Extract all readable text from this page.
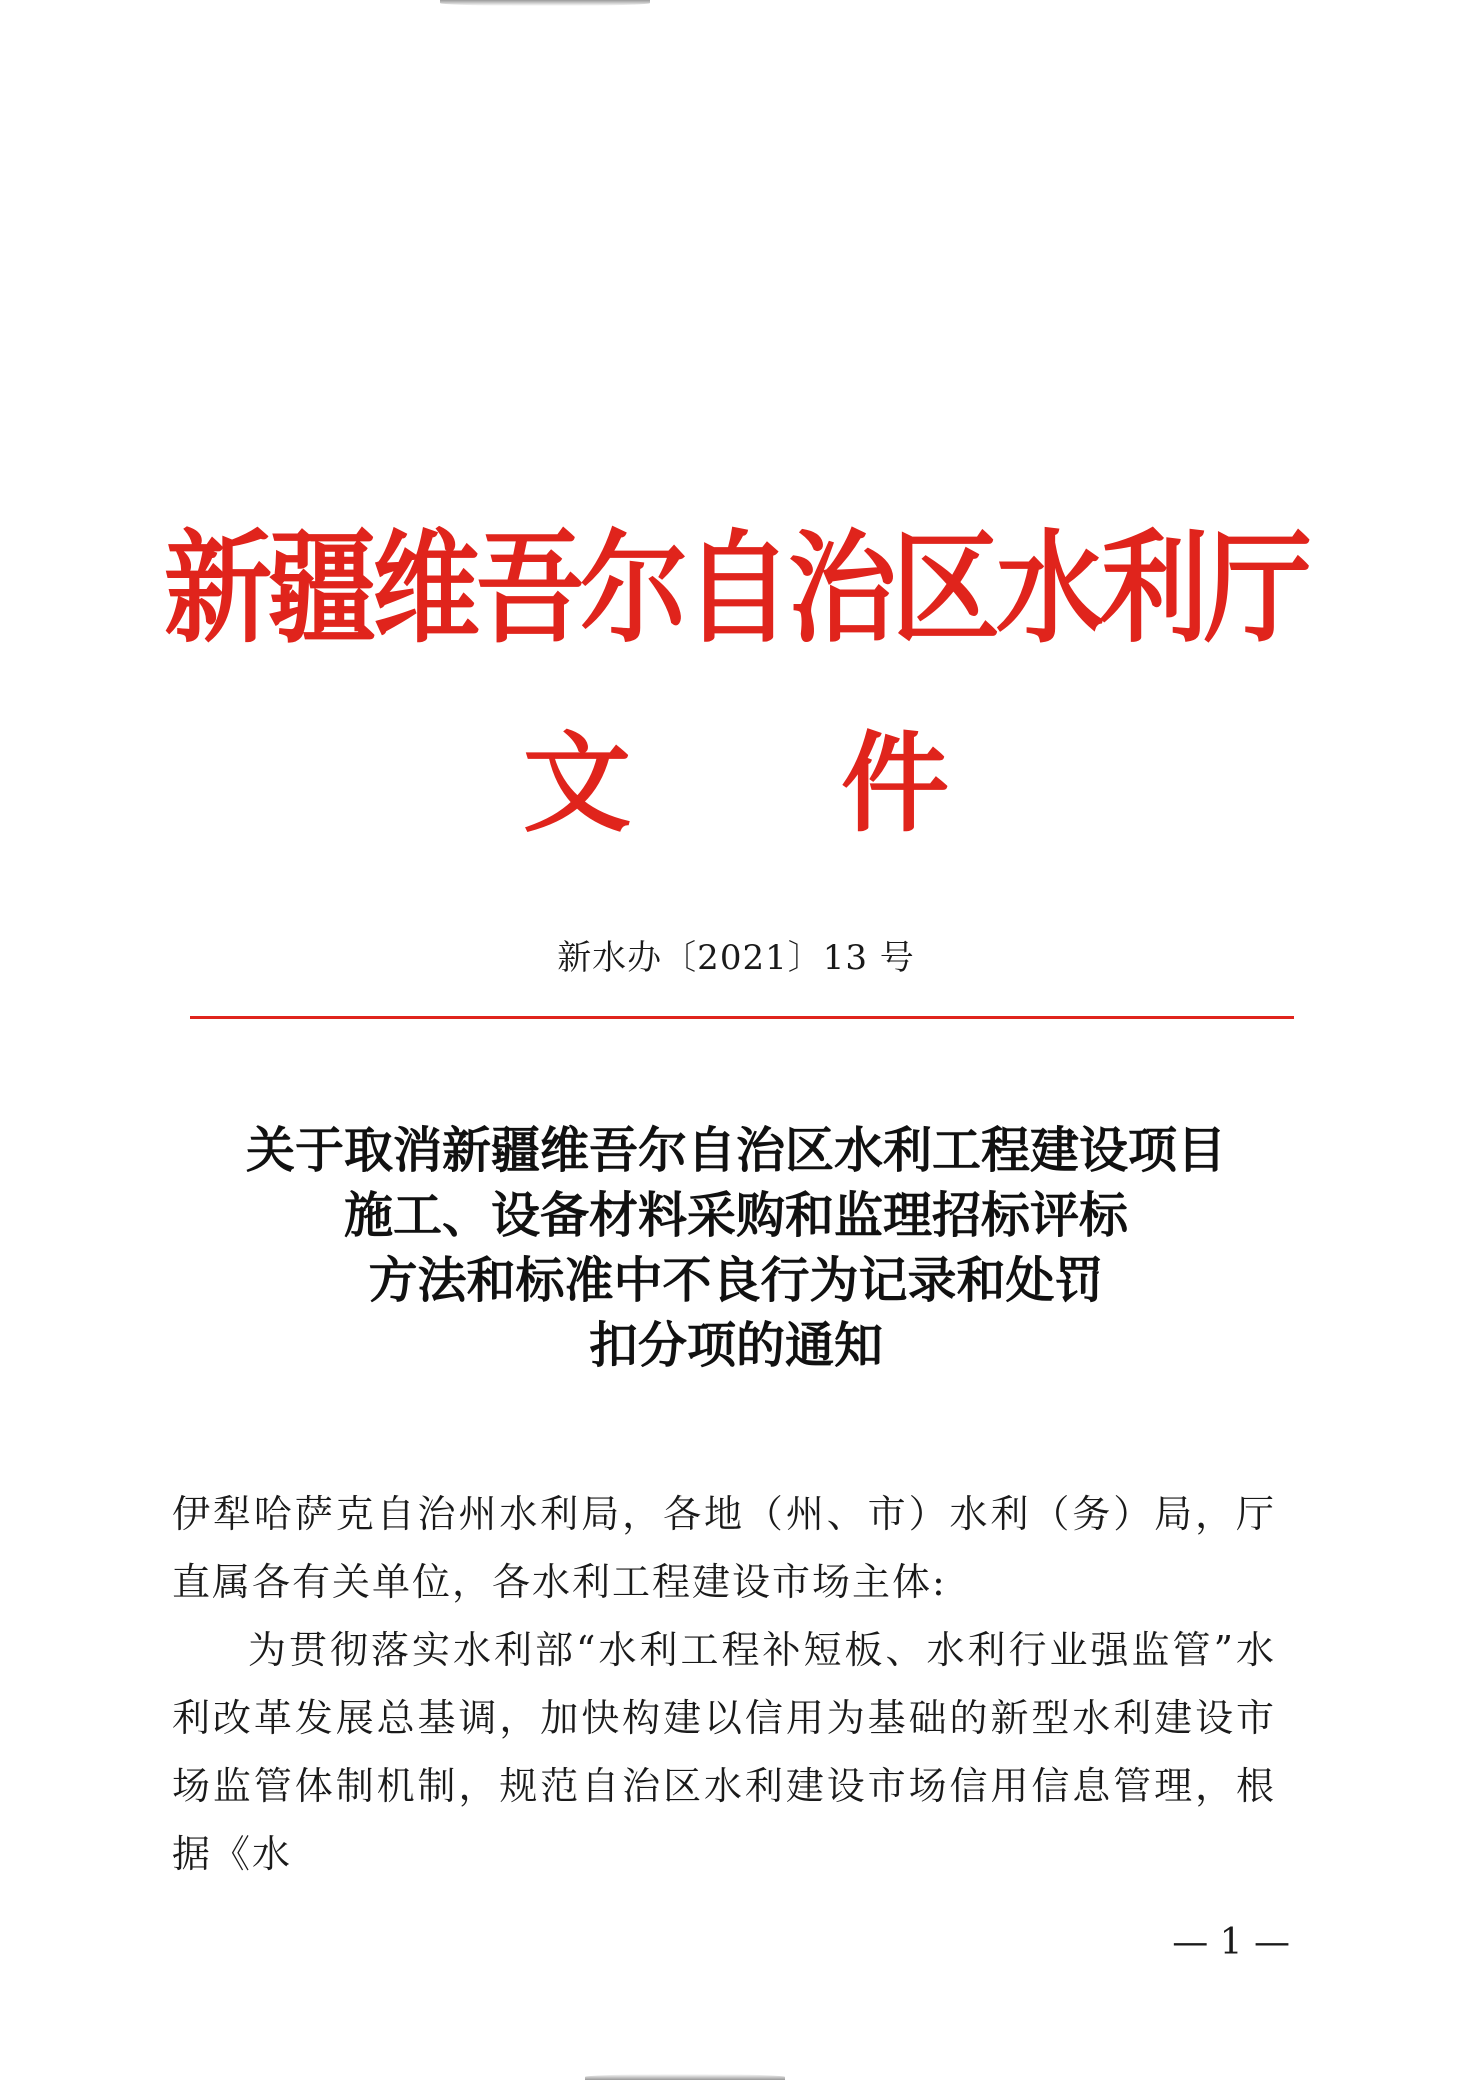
新疆维吾尔自治区水利厅
文 件
新水办〔2021〕13 号
关于取消新疆维吾尔自治区水利工程建设项目
施工、设备材料采购和监理招标评标
方法和标准中不良行为记录和处罚
扣分项的通知

伊犁哈萨克自治州水利局，各地（州、市）水利（务）局，厅直属各有关单位，各水利工程建设市场主体:

为贯彻落实水利部“水利工程补短板、水利行业强监管”水利改革发展总基调，加快构建以信用为基础的新型水利建设市场监管体制机制，规范自治区水利建设市场信用信息管理，根据《水

— 1 —
